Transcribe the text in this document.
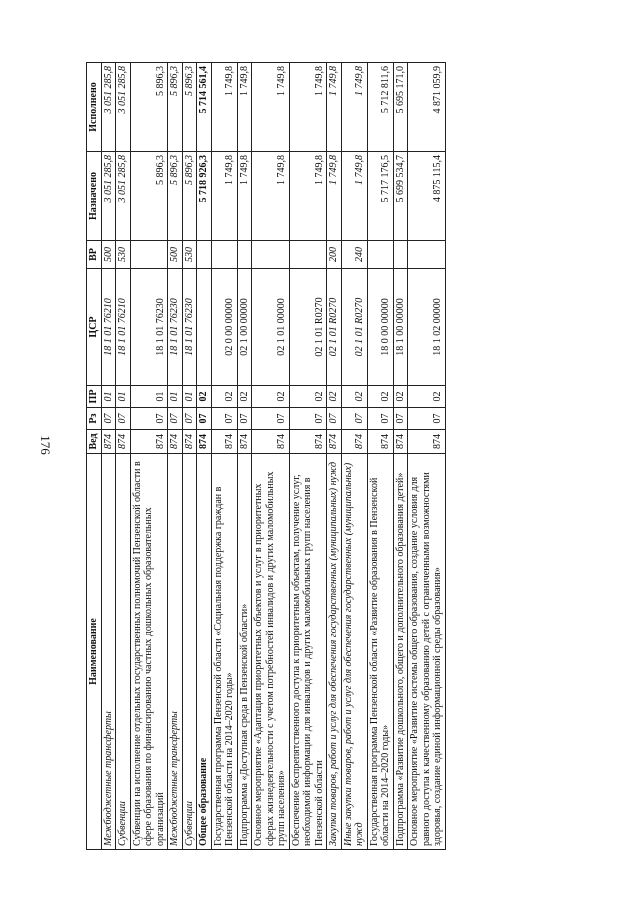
176
Наименование	Вед	Рз	ПР	ЦСР	ВР	Назначено	Исполнено
Межбюджетные трансферты	874	07	01	18 1 01 76210	500	3 051 285,8	3 051 285,8
Субвенции	874	07	01	18 1 01 76210	530	3 051 285,8	3 051 285,8
Субвенции на исполнение отдельных государственных полномочий Пензенской области в сфере образования по финансированию частных дошкольных образовательных организаций	874	07	01	18 1 01 76230		5 896,3	5 896,3
Межбюджетные трансферты	874	07	01	18 1 01 76230	500	5 896,3	5 896,3
Субвенции	874	07	01	18 1 01 76230	530	5 896,3	5 896,3
Общее образование	874	07	02			5 718 926,3	5 714 561,4
Государственная программа Пензенской области «Социальная поддержка граждан в Пензенской области на 2014–2020 годы»	874	07	02	02 0 00 00000		1 749,8	1 749,8
Подпрограмма «Доступная среда в Пензенской области»	874	07	02	02 1 00 00000		1 749,8	1 749,8
Основное мероприятие «Адаптация приоритетных объектов и услуг в приоритетных сферах жизнедеятельности с учетом потребностей инвалидов и других маломобильных групп населения»	874	07	02	02 1 01 00000		1 749,8	1 749,8
Обеспечение беспрепятственного доступа к приоритетным объектам, получение услуг, необходимой информации для инвалидов и других маломобильных групп населения в Пензенской области	874	07	02	02 1 01 R0270		1 749,8	1 749,8
Закупка товаров, работ и услуг для обеспечения государственных (муниципальных) нужд	874	07	02	02 1 01 R0270	200	1 749,8	1 749,8
Иные закупки товаров, работ и услуг для обеспечения государственных (муниципальных) нужд	874	07	02	02 1 01 R0270	240	1 749,8	1 749,8
Государственная программа Пензенской области «Развитие образования в Пензенской области на 2014–2020 годы»	874	07	02	18 0 00 00000		5 717 176,5	5 712 811,6
Подпрограмма «Развитие дошкольного, общего и дополнительного образования детей»	874	07	02	18 1 00 00000		5 699 534,7	5 695 171,0
Основное мероприятие «Развитие системы общего образования, создание условия для равного доступа к качественному образованию детей с ограниченными возможностями здоровья, создание единой информационной среды образования»	874	07	02	18 1 02 00000		4 875 115,4	4 871 059,9
